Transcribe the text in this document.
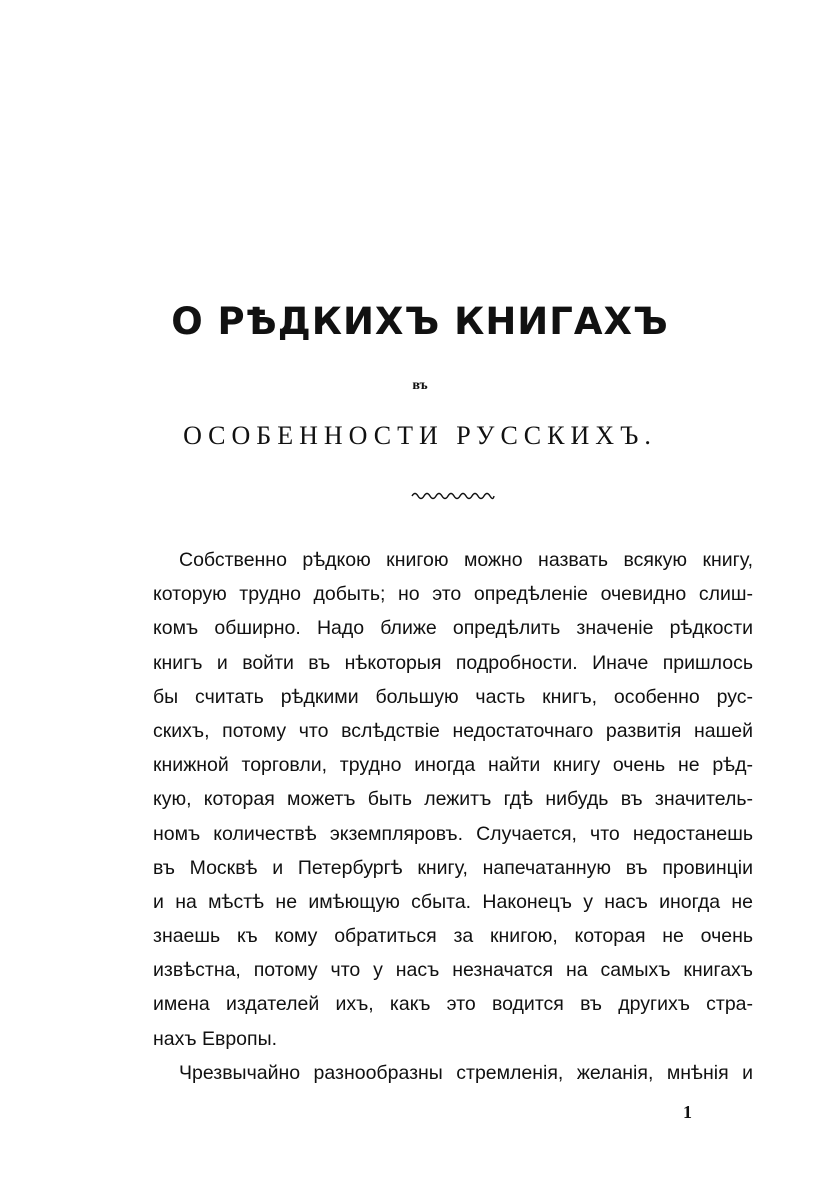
О РѢДКИХЪ КНИГАХЪ
въ
ОСОБЕННОСТИ РУССКИХЪ.
Собственно рѣдкою книгою можно назвать всякую книгу,
которую трудно добыть; но это опредѣленіе очевидно слиш-
комъ обширно. Надо ближе опредѣлить значеніе рѣдкости
книгъ и войти въ нѣкоторыя подробности. Иначе пришлось
бы считать рѣдкими большую часть книгъ, особенно рус-
скихъ, потому что вслѣдствіе недостаточнаго развитія нашей
книжной торговли, трудно иногда найти книгу очень не рѣд-
кую, которая можетъ быть лежитъ гдѣ нибудь въ значитель-
номъ количествѣ экземпляровъ. Случается, что недостанешь
въ Москвѣ и Петербургѣ книгу, напечатанную въ провинціи
и на мѣстѣ не имѣющую сбыта. Наконецъ у насъ иногда не
знаешь къ кому обратиться за книгою, которая не очень
извѣстна, потому что у насъ незначатся на самыхъ книгахъ
имена издателей ихъ, какъ это водится въ другихъ стра-
нахъ Европы.
Чрезвычайно разнообразны стремленія, желанія, мнѣнія и
1
